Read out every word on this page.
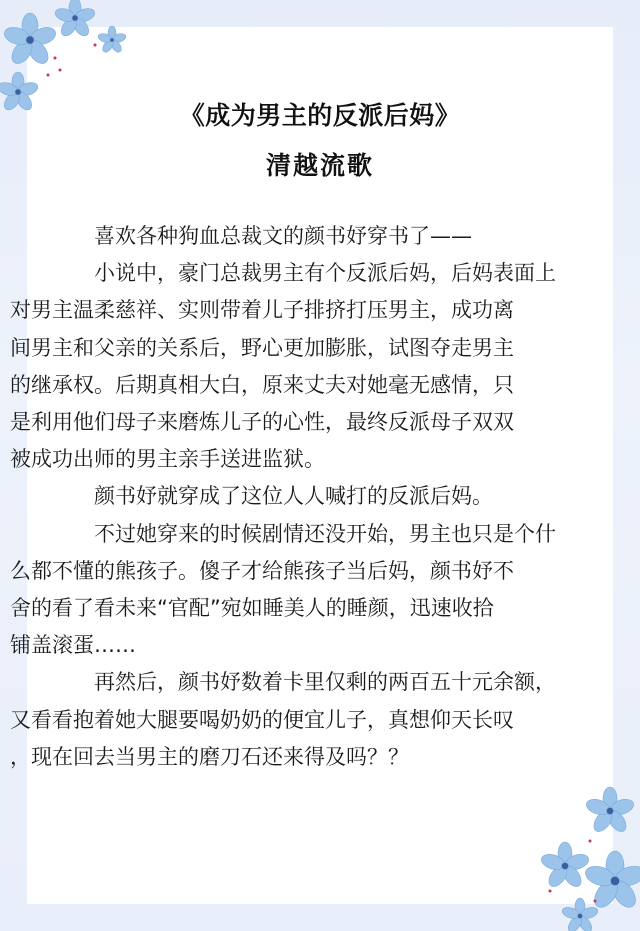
《成为男主的反派后妈》
清越流歌

喜欢各种狗血总裁文的颜书妤穿书了——

小说中，豪门总裁男主有个反派后妈，后妈表面上
对男主温柔慈祥、实则带着儿子排挤打压男主，成功离
间男主和父亲的关系后，野心更加膨胀，试图夺走男主
的继承权。后期真相大白，原来丈夫对她毫无感情，只
是利用他们母子来磨炼儿子的心性，最终反派母子双双
被成功出师的男主亲手送进监狱。

颜书妤就穿成了这位人人喊打的反派后妈。

不过她穿来的时候剧情还没开始，男主也只是个什
么都不懂的熊孩子。傻子才给熊孩子当后妈，颜书妤不
舍的看了看未来“官配”宛如睡美人的睡颜，迅速收拾
铺盖滚蛋……

再然后，颜书妤数着卡里仅剩的两百五十元余额，
又看看抱着她大腿要喝奶奶的便宜儿子，真想仰天长叹
，现在回去当男主的磨刀石还来得及吗？？
